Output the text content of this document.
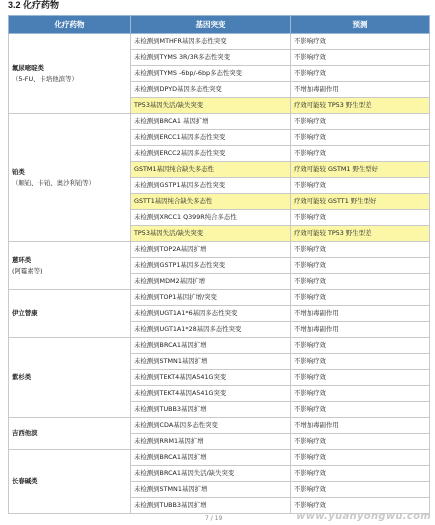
3.2 化疗药物
化疗药物	基因突变	预测
氟尿嘧啶类
（5-FU、卡培他滨等）	未检测到MTHFR基因多态性突变	不影响疗效
	未检测到TYMS 3R/3R多态性突变	不影响疗效
	未检测到TYMS -6bp/-6bp多态性突变	不影响疗效
	未检测到DPYD基因多态性突变	不增加毒副作用
	TP53基因失活/缺失突变	疗效可能较 TP53 野生型差
铂类
（顺铂、卡铂、奥沙利铂等）	未检测到BRCA1 基因扩增	不影响疗效
	未检测到ERCC1基因多态性突变	不影响疗效
	未检测到ERCC2基因多态性突变	不影响疗效
	GSTM1基因纯合缺失多态性	疗效可能较 GSTM1 野生型好
	未检测到GSTP1基因多态性突变	不影响疗效
	GSTT1基因纯合缺失多态性	疗效可能较 GSTT1 野生型好
	未检测到XRCC1 Q399R纯合多态性	不影响疗效
	TP53基因失活/缺失突变	疗效可能较 TP53 野生型差
蒽环类
(阿霉素等)	未检测到TOP2A基因扩增	不影响疗效
	未检测到GSTP1基因多态性突变	不影响疗效
	未检测到MDM2基因扩增	不影响疗效
伊立替康	未检测到TOP1基因扩增/突变	不影响疗效
	未检测到UGT1A1*6基因多态性突变	不增加毒副作用
	未检测到UGT1A1*28基因多态性突变	不增加毒副作用
紫杉类	未检测到BRCA1基因扩增	不影响疗效
	未检测到STMN1基因扩增	不影响疗效
	未检测到TEKT4基因A541G突变	不影响疗效
	未检测到TEKT4基因A541G突变	不影响疗效
	未检测到TUBB3基因扩增	不影响疗效
吉西他滨	未检测到CDA基因多态性突变	不增加毒副作用
	未检测到RRM1基因扩增	不影响疗效
长春碱类	未检测到BRCA1基因扩增	不影响疗效
	未检测到BRCA1基因失活/缺失突变	不影响疗效
	未检测到STMN1基因扩增	不影响疗效
	未检测到TUBB3基因扩增	不影响疗效
7 / 19	www.yuanyongwu.com
